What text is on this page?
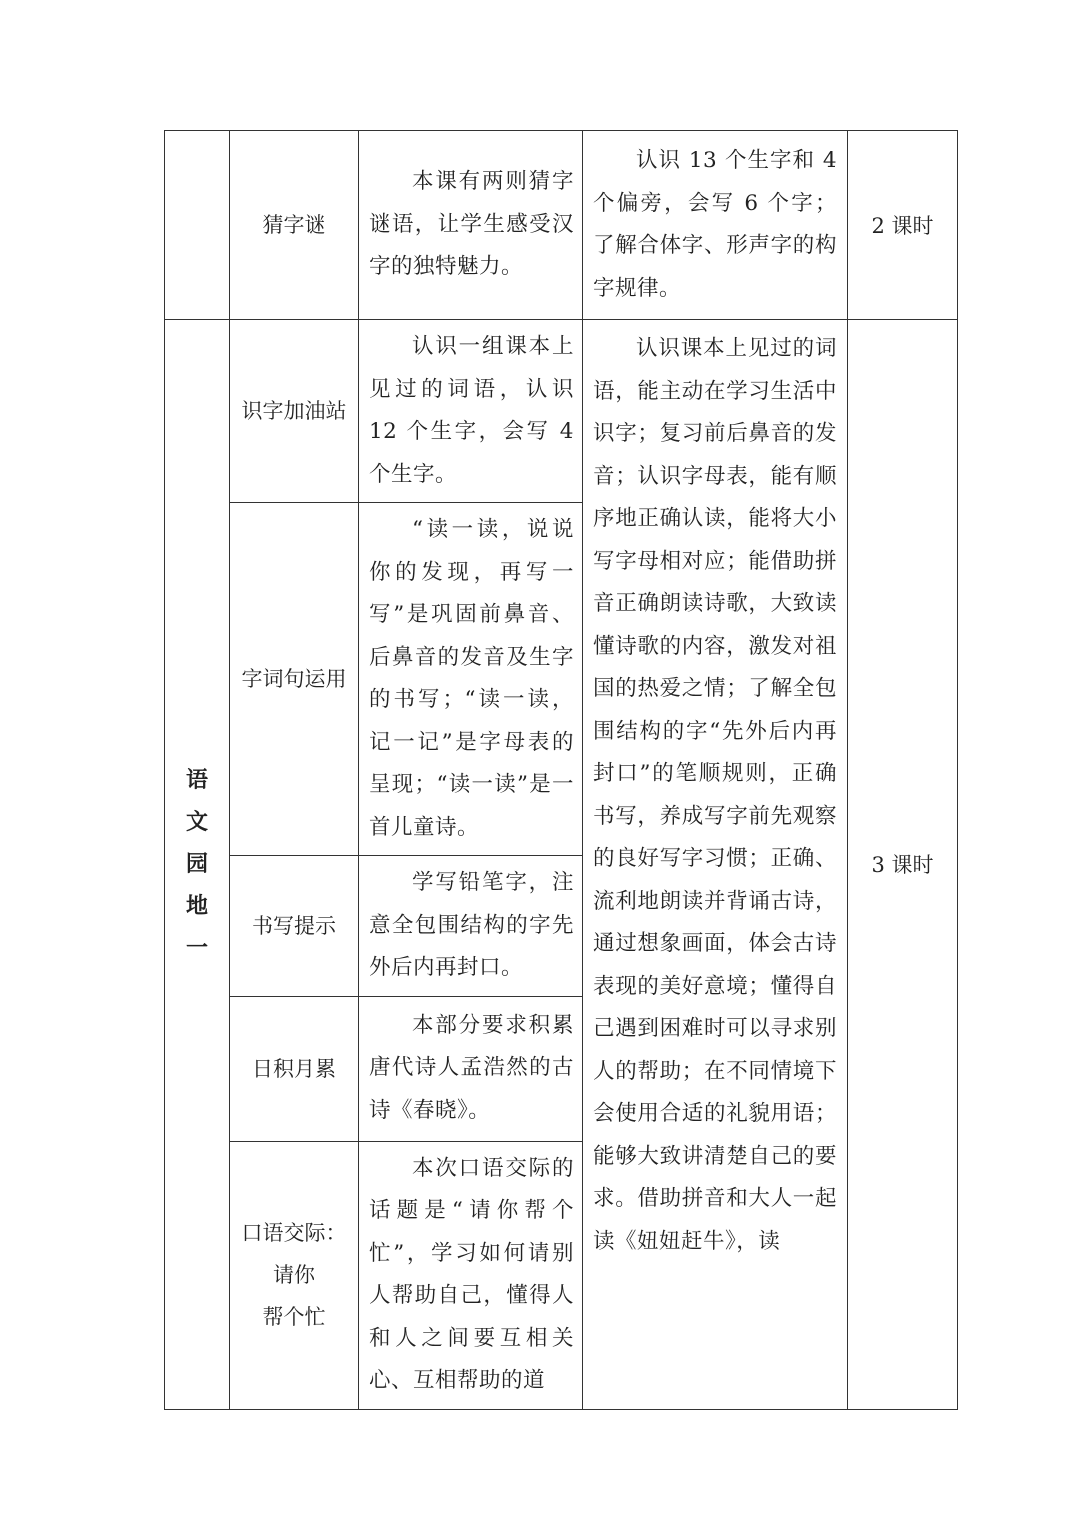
	猜字谜	本课有两则猜字谜语，让学生感受汉字的独特魅力。	认识 13 个生字和 4 个偏旁，会写 6 个字；了解合体字、形声字的构字规律。	2 课时
语文园地一	识字加油站	认识一组课本上见过的词语，认识 12 个生字，会写 4 个生字。	认识课本上见过的词语，能主动在学习生活中识字；复习前后鼻音的发音；认识字母表，能有顺序地正确认读，能将大小写字母相对应；能借助拼音正确朗读诗歌，大致读懂诗歌的内容，激发对祖国的热爱之情；了解全包围结构的字“先外后内再封口”的笔顺规则，正确书写，养成写字前先观察的良好写字习惯；正确、流利地朗读并背诵古诗，通过想象画面，体会古诗表现的美好意境；懂得自己遇到困难时可以寻求别人的帮助；在不同情境下会使用合适的礼貌用语；能够大致讲清楚自己的要求。借助拼音和大人一起读《妞妞赶牛》，读	3 课时
	字词句运用	“读一读，说说你的发现，再写一写”是巩固前鼻音、后鼻音的发音及生字的书写；“读一读，记一记”是字母表的呈现；“读一读”是一首儿童诗。		

	书写提示	学写铅笔字，注意全包围结构的字先外后内再封口。		

	日积月累	本部分要求积累唐代诗人孟浩然的古诗《春晓》。		

	口语交际：
请你
帮个忙	本次口语交际的话题是“请你帮个忙”，学习如何请别人帮助自己，懂得人和人之间要互相关心、互相帮助的道		
